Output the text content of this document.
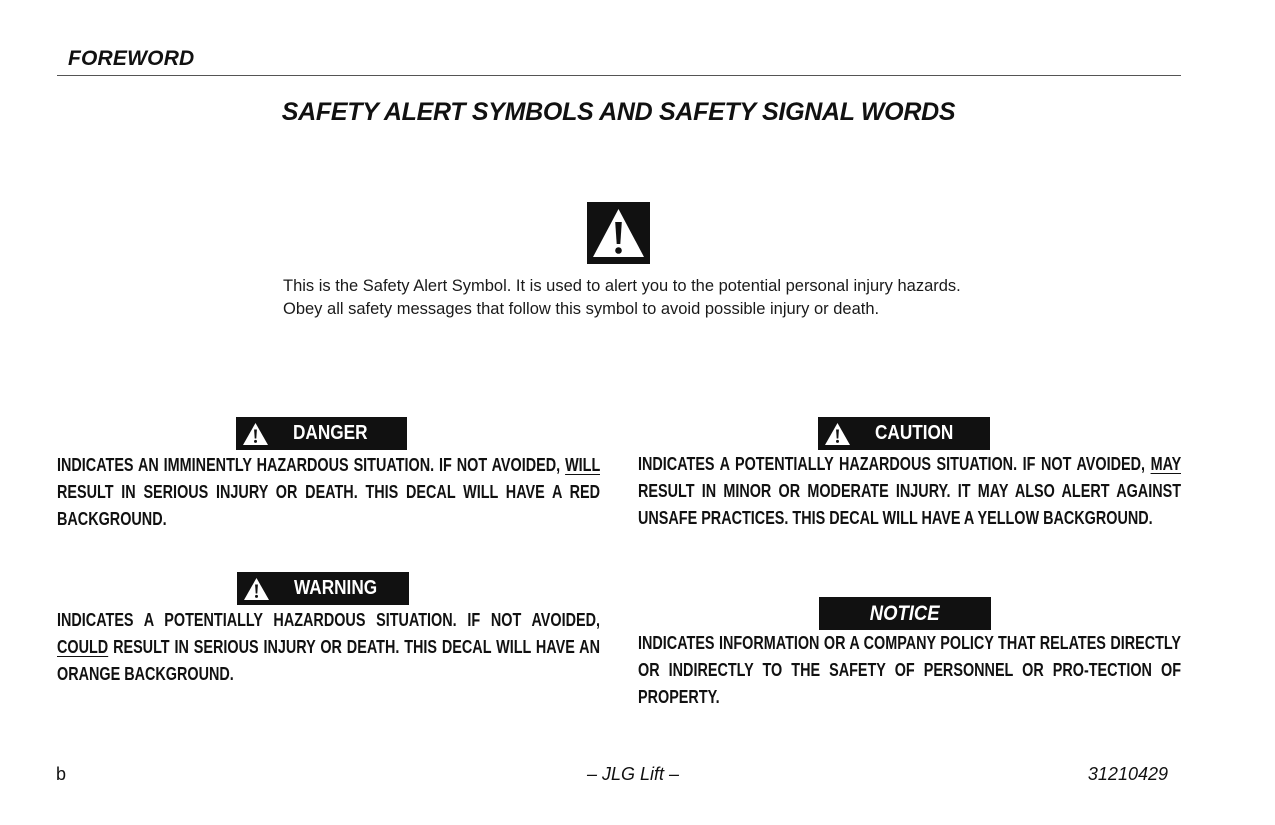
FOREWORD
SAFETY ALERT SYMBOLS AND SAFETY SIGNAL WORDS
This is the Safety Alert Symbol. It is used to alert you to the potential personal injury hazards. Obey all safety messages that follow this symbol to avoid possible injury or death.
DANGER
INDICATES AN IMMINENTLY HAZARDOUS SITUATION. IF NOT AVOIDED, WILL RESULT IN SERIOUS INJURY OR DEATH. THIS DECAL WILL HAVE A RED BACKGROUND.
WARNING
INDICATES A POTENTIALLY HAZARDOUS SITUATION. IF NOT AVOIDED, COULD RESULT IN SERIOUS INJURY OR DEATH. THIS DECAL WILL HAVE AN ORANGE BACKGROUND.
CAUTION
INDICATES A POTENTIALLY HAZARDOUS SITUATION. IF NOT AVOIDED, MAY RESULT IN MINOR OR MODERATE INJURY. IT MAY ALSO ALERT AGAINST UNSAFE PRACTICES. THIS DECAL WILL HAVE A YELLOW BACKGROUND.
NOTICE
INDICATES INFORMATION OR A COMPANY POLICY THAT RELATES DIRECTLY OR INDIRECTLY TO THE SAFETY OF PERSONNEL OR PRO-TECTION OF PROPERTY.
b	– JLG Lift –	31210429
